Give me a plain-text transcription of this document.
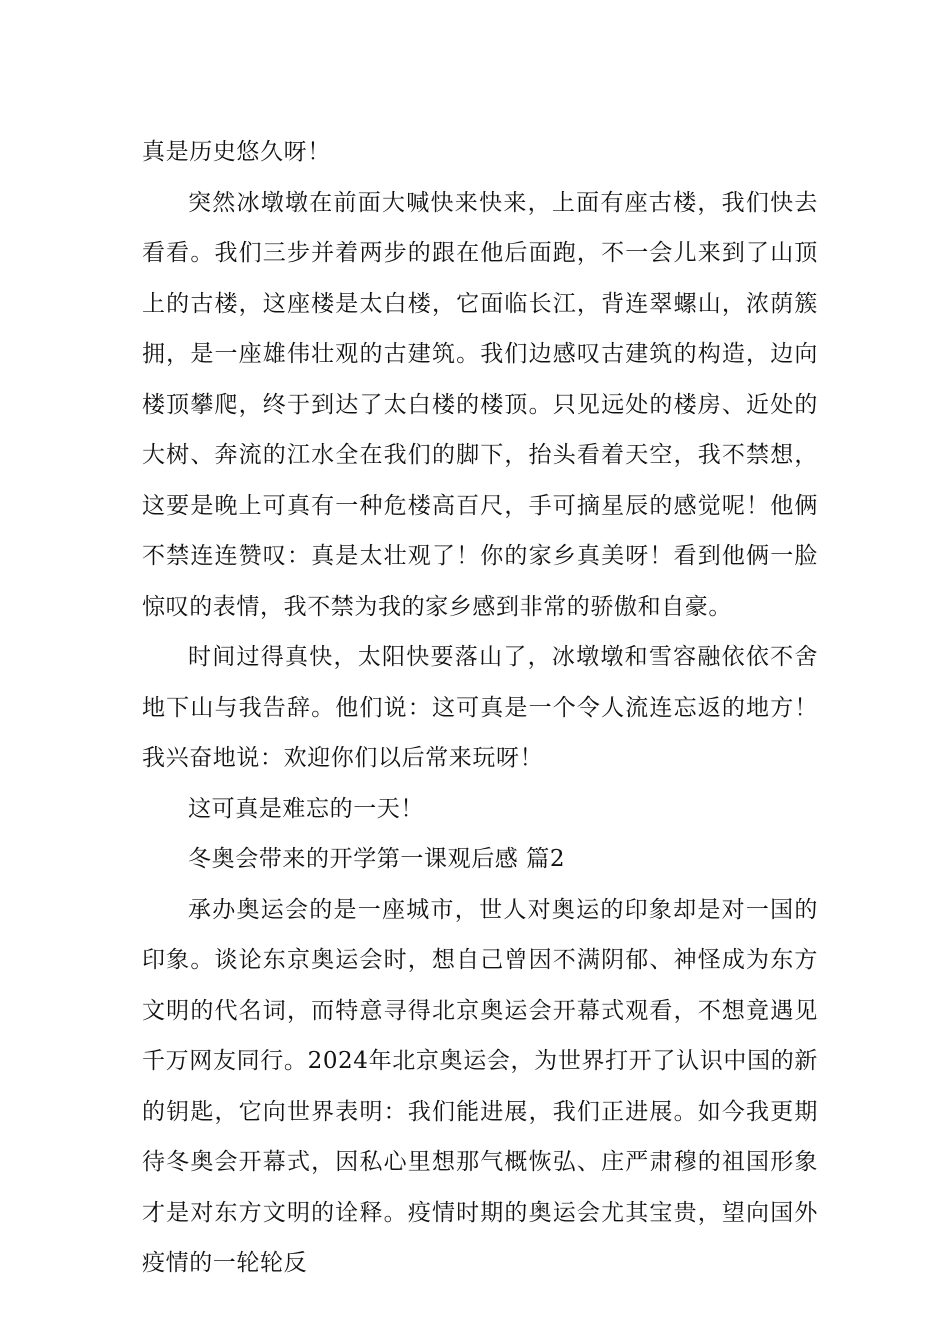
真是历史悠久呀！

突然冰墩墩在前面大喊快来快来，上面有座古楼，我们快去看看。我们三步并着两步的跟在他后面跑，不一会儿来到了山顶上的古楼，这座楼是太白楼，它面临长江，背连翠螺山，浓荫簇拥，是一座雄伟壮观的古建筑。我们边感叹古建筑的构造，边向楼顶攀爬，终于到达了太白楼的楼顶。只见远处的楼房、近处的大树、奔流的江水全在我们的脚下，抬头看着天空，我不禁想，这要是晚上可真有一种危楼高百尺，手可摘星辰的感觉呢！他俩不禁连连赞叹：真是太壮观了！你的家乡真美呀！看到他俩一脸惊叹的表情，我不禁为我的家乡感到非常的骄傲和自豪。

时间过得真快，太阳快要落山了，冰墩墩和雪容融依依不舍地下山与我告辞。他们说：这可真是一个令人流连忘返的地方！我兴奋地说：欢迎你们以后常来玩呀！

这可真是难忘的一天！

冬奥会带来的开学第一课观后感 篇2

承办奥运会的是一座城市，世人对奥运的印象却是对一国的印象。谈论东京奥运会时，想自己曾因不满阴郁、神怪成为东方文明的代名词，而特意寻得北京奥运会开幕式观看，不想竟遇见千万网友同行。2024年北京奥运会，为世界打开了认识中国的新的钥匙，它向世界表明：我们能进展，我们正进展。如今我更期待冬奥会开幕式，因私心里想那气概恢弘、庄严肃穆的祖国形象才是对东方文明的诠释。疫情时期的奥运会尤其宝贵，望向国外疫情的一轮轮反
